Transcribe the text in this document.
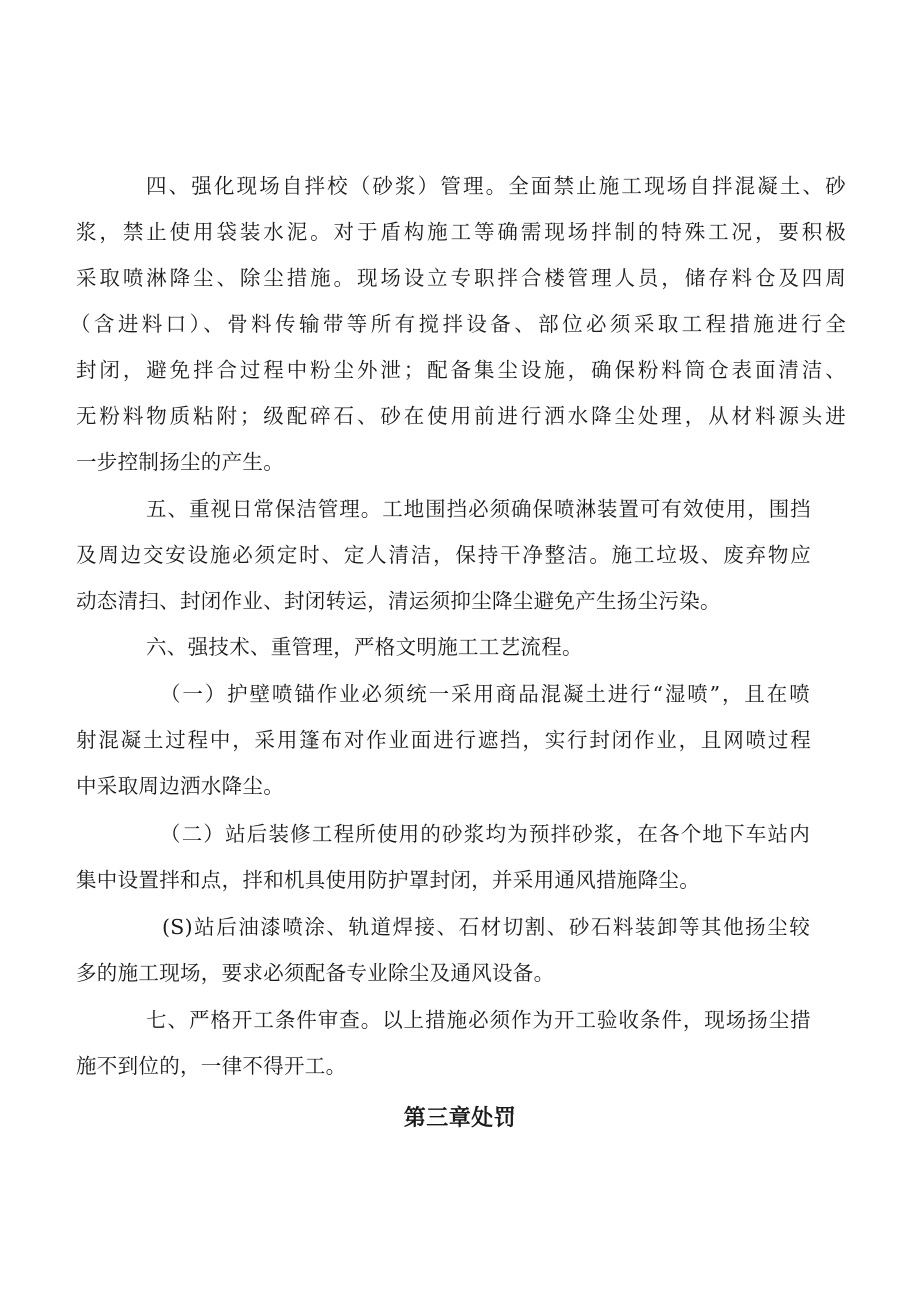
四、强化现场自拌校（砂浆）管理。全面禁止施工现场自拌混凝土、砂
浆，禁止使用袋装水泥。对于盾构施工等确需现场拌制的特殊工况，要积极
采取喷淋降尘、除尘措施。现场设立专职拌合楼管理人员，储存料仓及四周
（含进料口）、骨料传输带等所有搅拌设备、部位必须采取工程措施进行全
封闭，避免拌合过程中粉尘外泄；配备集尘设施，确保粉料筒仓表面清洁、
无粉料物质粘附；级配碎石、砂在使用前进行洒水降尘处理，从材料源头进
一步控制扬尘的产生。
五、重视日常保洁管理。工地围挡必须确保喷淋装置可有效使用，围挡
及周边交安设施必须定时、定人清洁，保持干净整洁。施工垃圾、废弃物应
动态清扫、封闭作业、封闭转运，清运须抑尘降尘避免产生扬尘污染。
六、强技术、重管理，严格文明施工工艺流程。
（一）护壁喷锚作业必须统一采用商品混凝土进行“湿喷”，且在喷
射混凝土过程中，采用篷布对作业面进行遮挡，实行封闭作业，且网喷过程
中采取周边洒水降尘。
（二）站后装修工程所使用的砂浆均为预拌砂浆，在各个地下车站内
集中设置拌和点，拌和机具使用防护罩封闭，并采用通风措施降尘。
(S)站后油漆喷涂、轨道焊接、石材切割、砂石料装卸等其他扬尘较
多的施工现场，要求必须配备专业除尘及通风设备。
七、严格开工条件审查。以上措施必须作为开工验收条件，现场扬尘措
施不到位的，一律不得开工。
第三章处罚
